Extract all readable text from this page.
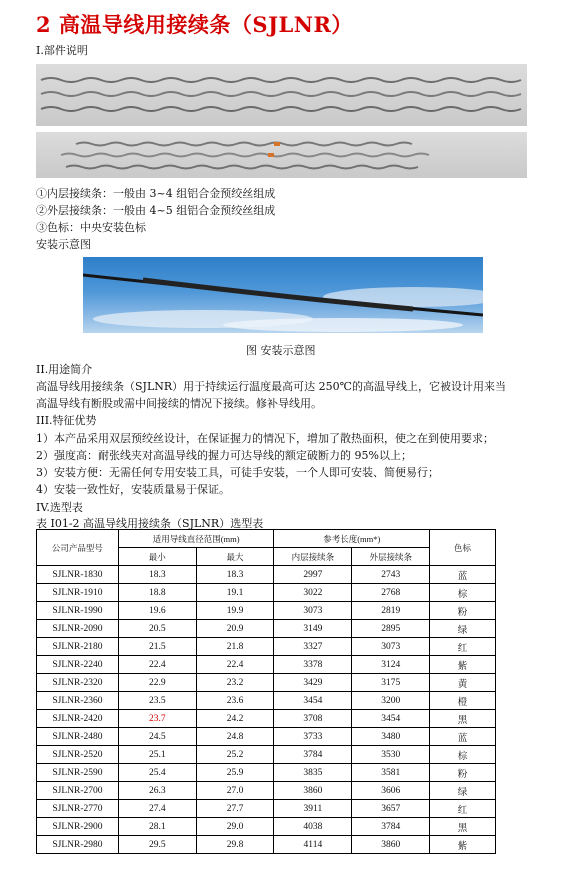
2 高温导线用接续条（SJLNR）
I.部件说明
①内层接续条：一般由 3~4 组铝合金预绞丝组成
②外层接续条：一般由 4~5 组铝合金预绞丝组成
③色标：中央安装色标
安装示意图
图 安装示意图
II.用途简介
高温导线用接续条（SJLNR）用于持续运行温度最高可达 250℃的高温导线上，它被设计用来当
高温导线有断股或需中间接续的情况下接续。修补导线用。
III.特征优势
1）本产品采用双层预绞丝设计，在保证握力的情况下，增加了散热面积，使之在到使用要求；
2）强度高：耐张线夹对高温导线的握力可达导线的额定破断力的 95%以上；
3）安装方便：无需任何专用安装工具，可徒手安装，一个人即可安装、简便易行；
4）安装一致性好，安装质量易于保证。
IV.选型表
表 I01-2 高温导线用接续条（SJLNR）选型表
公司产品型号	适用导线直径范围(mm)		参考长度(mm*)		色标
	最小	最大	内层接续条	外层接续条	
SJLNR-1830	18.3	18.3	2997	2743	蓝
SJLNR-1910	18.8	19.1	3022	2768	棕
SJLNR-1990	19.6	19.9	3073	2819	粉
SJLNR-2090	20.5	20.9	3149	2895	绿
SJLNR-2180	21.5	21.8	3327	3073	红
SJLNR-2240	22.4	22.4	3378	3124	紫
SJLNR-2320	22.9	23.2	3429	3175	黄
SJLNR-2360	23.5	23.6	3454	3200	橙
SJLNR-2420	23.7	24.2	3708	3454	黑
SJLNR-2480	24.5	24.8	3733	3480	蓝
SJLNR-2520	25.1	25.2	3784	3530	棕
SJLNR-2590	25.4	25.9	3835	3581	粉
SJLNR-2700	26.3	27.0	3860	3606	绿
SJLNR-2770	27.4	27.7	3911	3657	红
SJLNR-2900	28.1	29.0	4038	3784	黑
SJLNR-2980	29.5	29.8	4114	3860	紫
